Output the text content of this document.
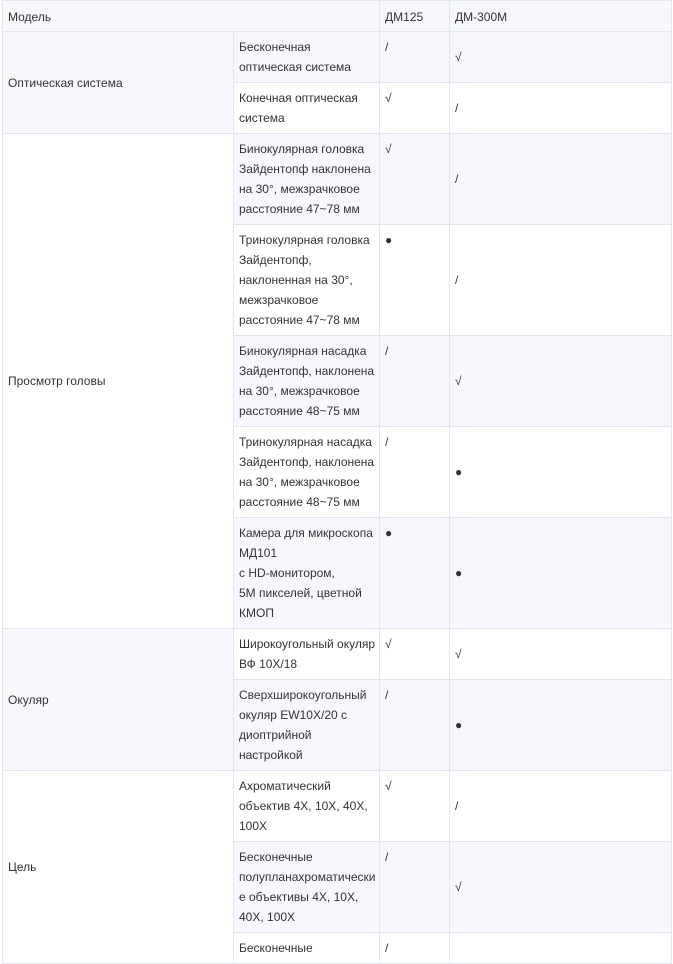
Модель		ДМ125	ДМ-300М
Оптическая система	Бесконечная оптическая система	/	√
	Конечная оптическая система	√	/
Просмотр головы	Бинокулярная головка Зайдентопф наклонена на 30°, межзрачковое расстояние 47~78 мм	√	/
	Тринокулярная головка Зайдентопф, наклоненная на 30°, межзрачковое расстояние 47~78 мм	●	/
	Бинокулярная насадка Зайдентопф, наклонена на 30°, межзрачковое расстояние 48~75 мм	/	√
	Тринокулярная насадка Зайдентопф, наклонена на 30°, межзрачковое расстояние 48~75 мм	/	●
	Камера для микроскопа МД101
с HD-монитором,
5М пикселей, цветной КМОП	●	●
Окуляр	Широкоугольный окуляр ВФ 10X/18	√	√
	Сверхширокоугольный окуляр EW10X/20 с диоптрийной настройкой	/	●
Цель	Ахроматический объектив 4X, 10X, 40X, 100X	√	/
	Бесконечные полупланахроматические объективы 4X, 10X, 40X, 100X	/	√
	Бесконечные	/	
